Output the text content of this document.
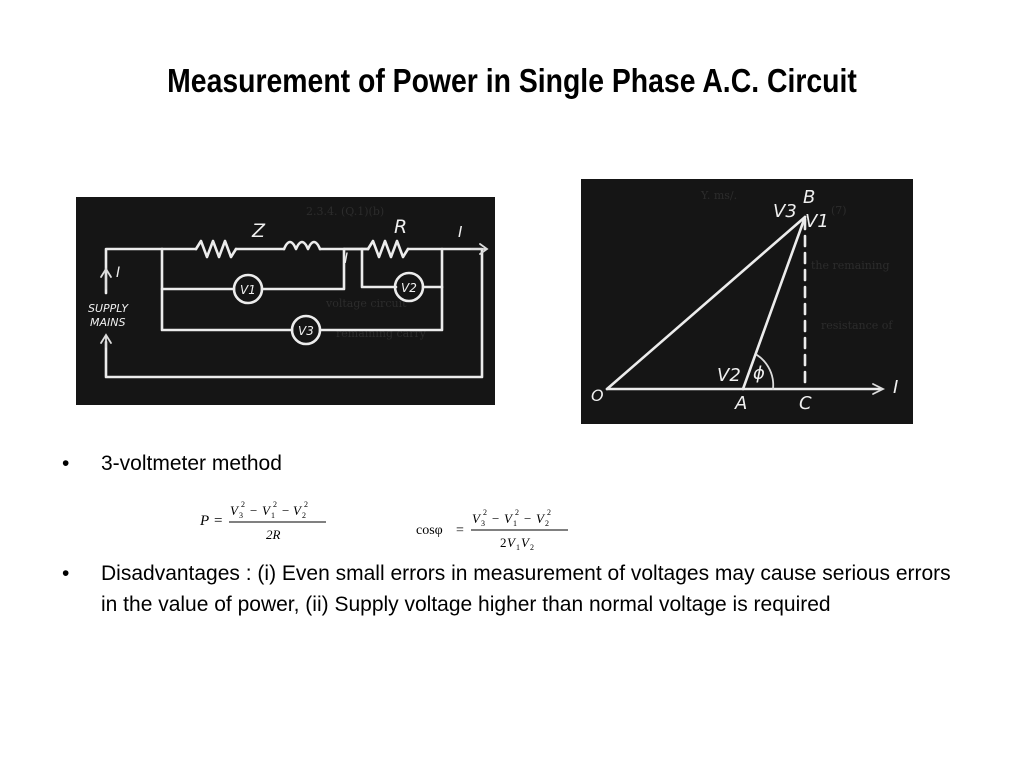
Measurement of Power in Single Phase A.C. Circuit
2.3.4. (Q.1)(b)
voltage circuit
remaining carry
Z	R	I
I
I
SUPPLY
MAINS
V1	V2
V3
Y. ms/.
(7)
the remaining
resistance of
B
V3 V1
V2 ϕ
O	A	C
I
• 3-voltmeter method
P =
V 3
2 − V 1
2 − V 2
2
2R	cosφ =
V 3
2 − V 1
2 − V 2
2
2 V 1 V 2
• Disadvantages : (i) Even small errors in measurement of voltages may cause serious errors in the value of power, (ii) Supply voltage higher than normal voltage is required
